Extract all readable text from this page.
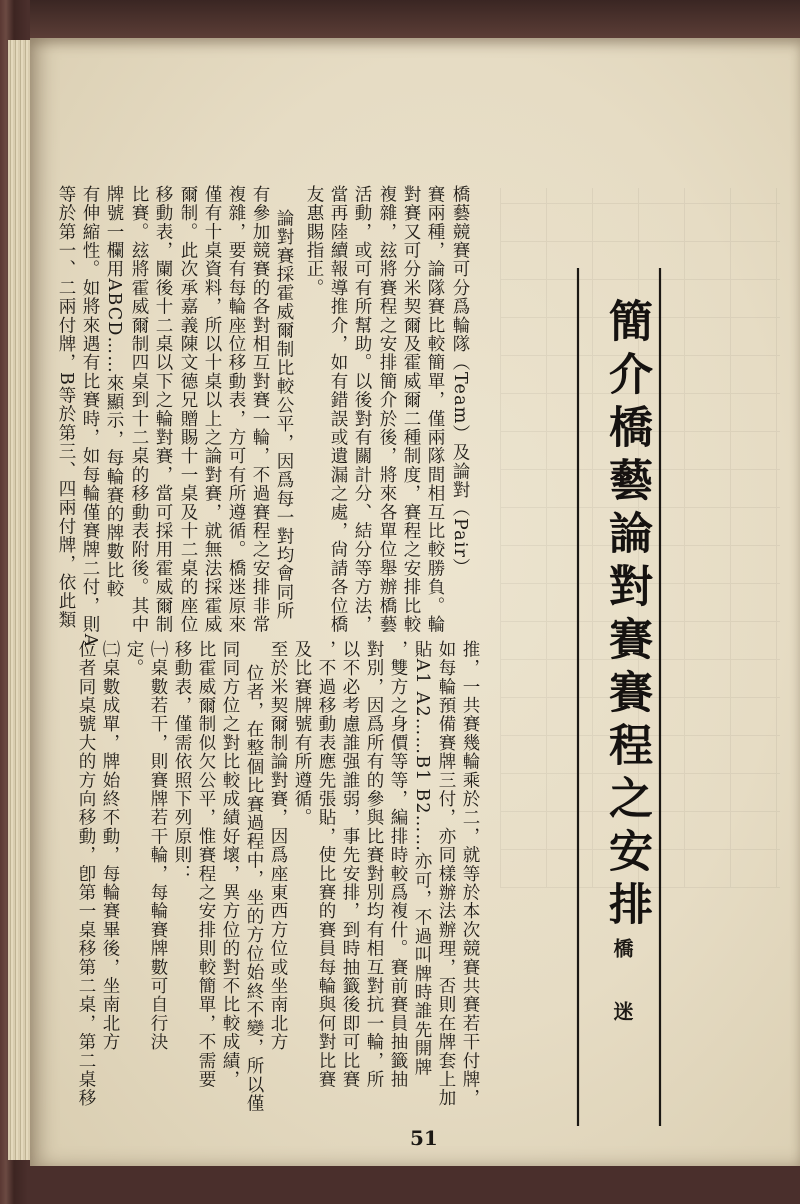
簡介橋藝論對賽賽程之安排
橋 迷
橋藝競賽可分爲輪隊（Team）及論對（Pair）
賽兩種，論隊賽比較簡單，僅兩隊間相互比較勝負。輪
對賽又可分米契爾及霍威爾二種制度，賽程之安排比較
複雜，玆將賽程之安排簡介於後，將來各單位舉辦橋藝
活動，或可有所幫助。以後對有關計分、結分等方法，
當再陸續報導推介，如有錯誤或遺漏之處，尙請各位橋
友惠賜指正。
論對賽採霍威爾制比較公平，因爲每一對均會同所
有參加競賽的各對相互對賽一輪，不過賽程之安排非常
複雜，要有每輪座位移動表，方可有所遵循。橋迷原來
僅有十桌資料，所以十桌以上之論對賽，就無法採霍威
爾制。此次承嘉義陳文德兄贈賜十一桌及十二桌的座位
移動表，䦨後十二桌以下之輪對賽，當可採用霍威爾制
比賽。玆將霍威爾制四桌到十二桌的移動表附後。其中
牌號一欄用ABCD……來顯示，每輪賽的牌數比較
有伸縮性。如將來遇有比賽時，如每輪僅賽牌二付，則A
等於第一、二兩付牌，B等於第三、四兩付牌，依此類
推，一共賽幾輪乘於二，就等於本次競賽共賽若干付牌，
如每輪預備賽牌三付，亦同樣辦法辦理，否則在牌套上加
貼A1 A2……B1 B2……亦可，不過叫牌時誰先開牌
，雙方之身價等等，編排時較爲複什。賽前賽員抽籤抽
對別，因爲所有的參與比賽對別均有相互對抗一輪，所
以不必考慮誰强誰弱，事先安排，到時抽籤後即可比賽
，不過移動表應先張貼，使比賽的賽員每輪與何對比賽
及比賽牌號有所遵循。
至於米契爾制論對賽，因爲座東西方位或坐南北方
位者，在整個比賽過程中，坐的方位始終不變，所以僅
同同方位之對比較成績好壞，異方位的對不比較成績，
比霍威爾制似欠公平，惟賽程之安排則較簡單，不需要
移動表，僅需依照下列原則：
㈠桌數若干，則賽牌若干輪，每輪賽牌數可自行決
定。
㈡桌數成單，牌始終不動，每輪賽畢後，坐南北方
位者同桌號大的方向移動，卽第一桌移第二桌，第二桌移
51
